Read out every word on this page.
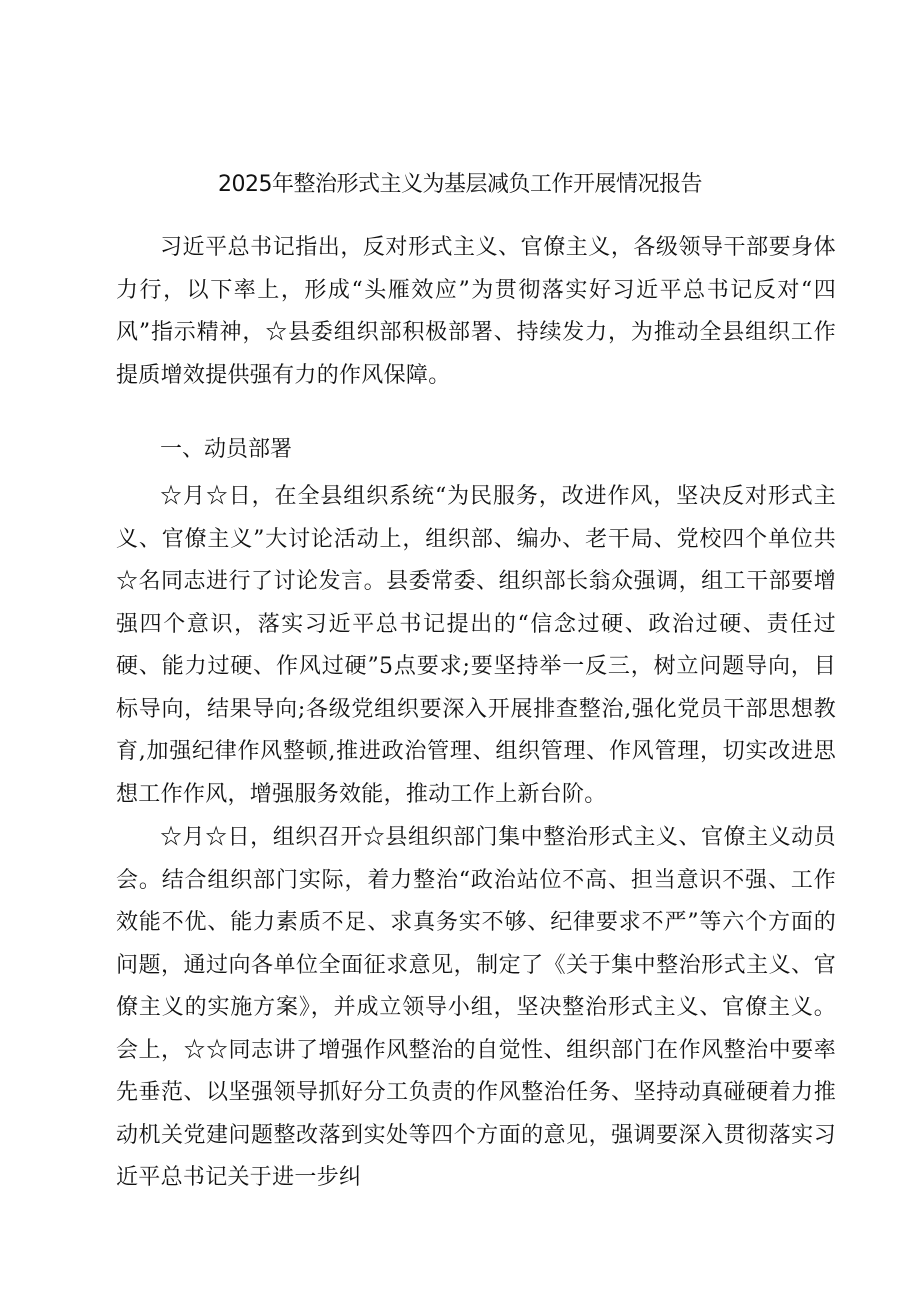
2025年整治形式主义为基层减负工作开展情况报告

习近平总书记指出，反对形式主义、官僚主义，各级领导干部要身体力行，以下率上，形成“头雁效应”为贯彻落实好习近平总书记反对“四风”指示精神，☆县委组织部积极部署、持续发力，为推动全县组织工作提质增效提供强有力的作风保障。

一、动员部署

☆月☆日，在全县组织系统“为民服务，改进作风，坚决反对形式主义、官僚主义”大讨论活动上，组织部、编办、老干局、党校四个单位共☆名同志进行了讨论发言。县委常委、组织部长翁众强调，组工干部要增强四个意识，落实习近平总书记提出的“信念过硬、政治过硬、责任过硬、能力过硬、作风过硬”5点要求;要坚持举一反三，树立问题导向，目标导向，结果导向;各级党组织要深入开展排查整治,强化党员干部思想教育,加强纪律作风整顿,推进政治管理、组织管理、作风管理，切实改进思想工作作风，增强服务效能，推动工作上新台阶。

☆月☆日，组织召开☆县组织部门集中整治形式主义、官僚主义动员会。结合组织部门实际，着力整治“政治站位不高、担当意识不强、工作效能不优、能力素质不足、求真务实不够、纪律要求不严”等六个方面的问题，通过向各单位全面征求意见，制定了《关于集中整治形式主义、官僚主义的实施方案》，并成立领导小组，坚决整治形式主义、官僚主义。会上，☆☆同志讲了增强作风整治的自觉性、组织部门在作风整治中要率先垂范、以坚强领导抓好分工负责的作风整治任务、坚持动真碰硬着力推动机关党建问题整改落到实处等四个方面的意见，强调要深入贯彻落实习近平总书记关于进一步纠
